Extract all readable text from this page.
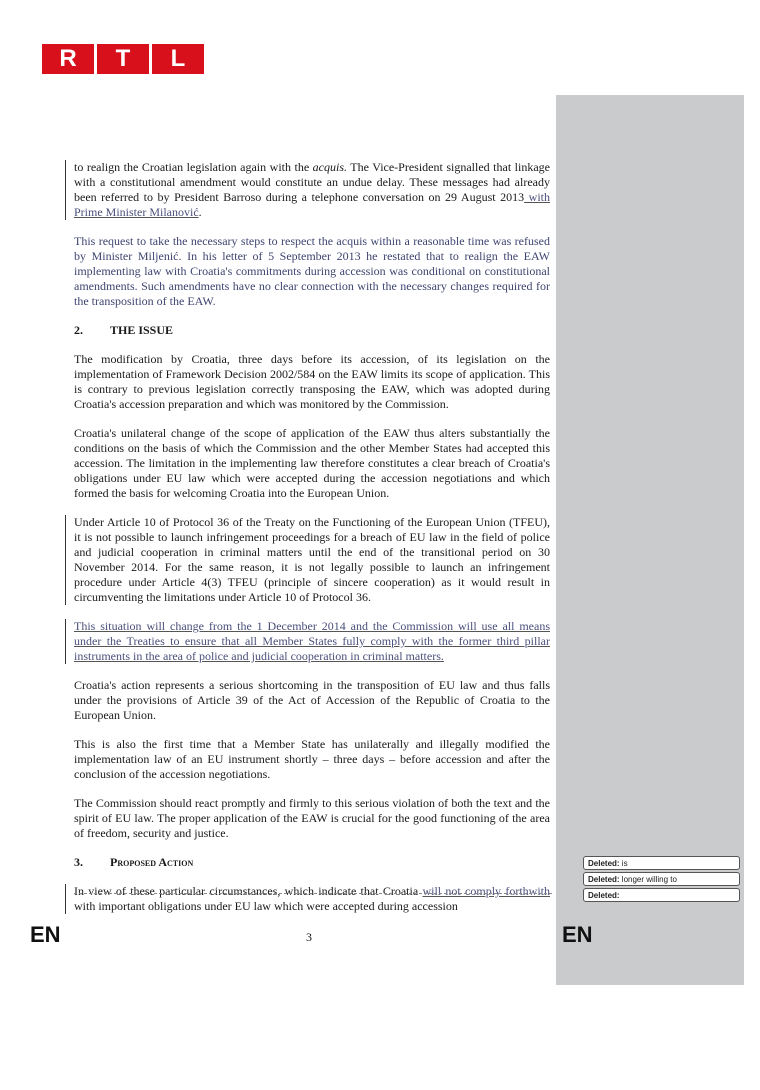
R	T	L
Deleted: is
Deleted: longer willing to
Deleted:

to realign the Croatian legislation again with the acquis. The Vice-President signalled that linkage with a constitutional amendment would constitute an undue delay. These messages had already been referred to by President Barroso during a telephone conversation on 29 August 2013 with Prime Minister Milanović.

This request to take the necessary steps to respect the acquis within a reasonable time was refused by Minister Miljenić. In his letter of 5 September 2013 he restated that to realign the EAW implementing law with Croatia's commitments during accession was conditional on constitutional amendments. Such amendments have no clear connection with the necessary changes required for the transposition of the EAW.

2. THE ISSUE

The modification by Croatia, three days before its accession, of its legislation on the implementation of Framework Decision 2002/584 on the EAW limits its scope of application. This is contrary to previous legislation correctly transposing the EAW, which was adopted during Croatia's accession preparation and which was monitored by the Commission.

Croatia's unilateral change of the scope of application of the EAW thus alters substantially the conditions on the basis of which the Commission and the other Member States had accepted this accession. The limitation in the implementing law therefore constitutes a clear breach of Croatia's obligations under EU law which were accepted during the accession negotiations and which formed the basis for welcoming Croatia into the European Union.

Under Article 10 of Protocol 36 of the Treaty on the Functioning of the European Union (TFEU), it is not possible to launch infringement proceedings for a breach of EU law in the field of police and judicial cooperation in criminal matters until the end of the transitional period on 30 November 2014. For the same reason, it is not legally possible to launch an infringement procedure under Article 4(3) TFEU (principle of sincere cooperation) as it would result in circumventing the limitations under Article 10 of Protocol 36.

This situation will change from the 1 December 2014 and the Commission will use all means under the Treaties to ensure that all Member States fully comply with the former third pillar instruments in the area of police and judicial cooperation in criminal matters.

Croatia's action represents a serious shortcoming in the transposition of EU law and thus falls under the provisions of Article 39 of the Act of Accession of the Republic of Croatia to the European Union.

This is also the first time that a Member State has unilaterally and illegally modified the implementation law of an EU instrument shortly – three days – before accession and after the conclusion of the accession negotiations.

The Commission should react promptly and firmly to this serious violation of both the text and the spirit of EU law. The proper application of the EAW is crucial for the good functioning of the area of freedom, security and justice.

3. Proposed Action

In view of these particular circumstances, which indicate that Croatia will not comply forthwith with important obligations under EU law which were accepted during accession

EN	3	EN
